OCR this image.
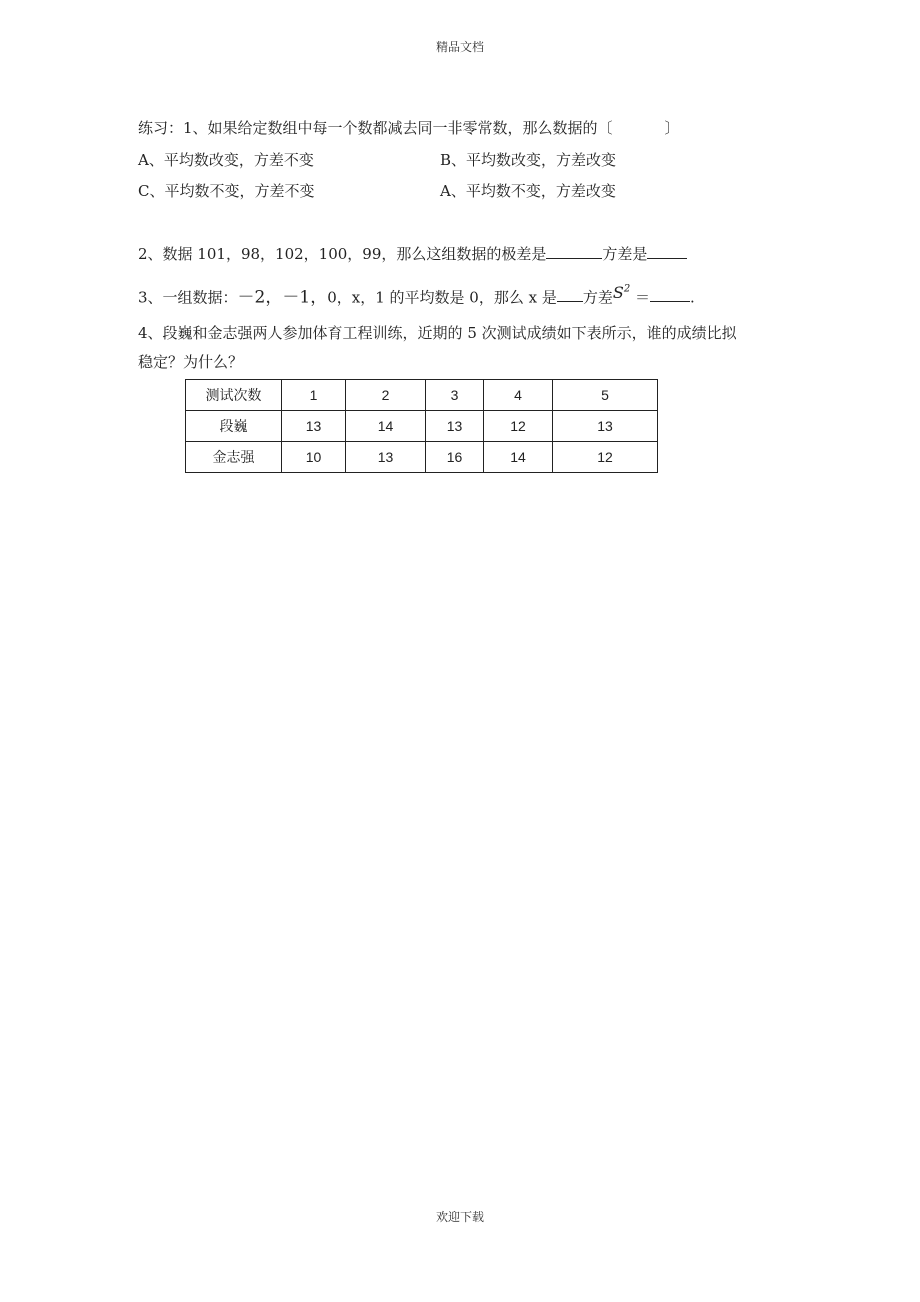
精品文档
练习：1、如果给定数组中每一个数都减去同一非零常数，那么数据的〔	〕
A、平均数改变，方差不变	B、平均数改变，方差改变
C、平均数不变，方差不变	A、平均数不变，方差改变
2、数据 101，98，102，100，99，那么这组数据的极差是	方差是
3、一组数据：－2，－1，0，x，1 的平均数是 0，那么 x 是 方差$S^2$ ＝	.
4、段巍和金志强两人参加体育工程训练，近期的 5 次测试成绩如下表所示，谁的成绩比拟
稳定？为什么？
测试次数	1	2	3	4	5
段巍	13	14	13	12	13
金志强	10	13	16	14	12
欢迎下载
